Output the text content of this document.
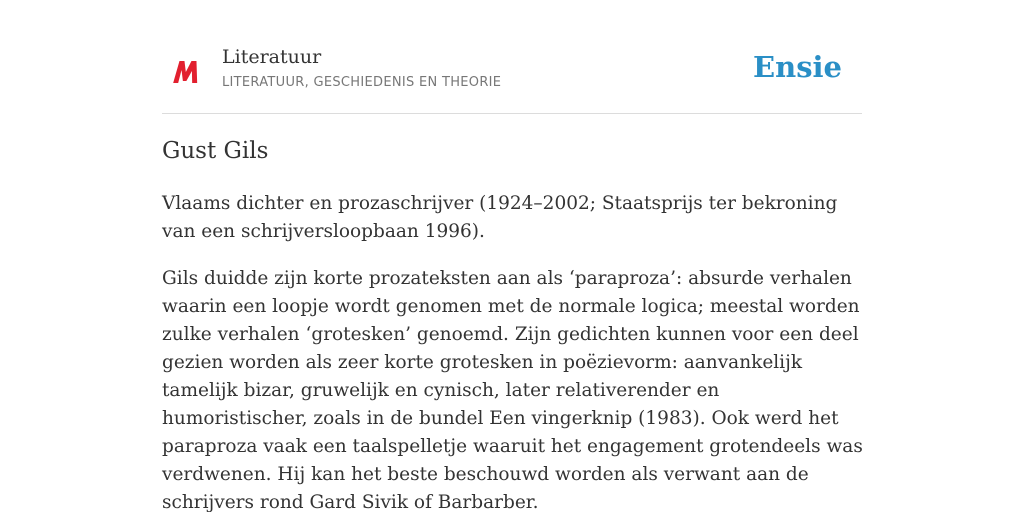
Literatuur
LITERATUUR, GESCHIEDENIS EN THEORIE	Ensie
Gust Gils

Vlaams dichter en prozaschrijver (1924–2002; Staatsprijs ter bekroning van een schrijversloopbaan 1996).

Gils duidde zijn korte prozateksten aan als ‘paraproza’: absurde verhalen waarin een loopje wordt genomen met de normale logica; meestal worden zulke verhalen ‘grotesken’ genoemd. Zijn gedichten kunnen voor een deel gezien worden als zeer korte grotesken in poëzievorm: aanvankelijk tamelijk bizar, gruwelijk en cynisch, later relativerender en humoristischer, zoals in de bundel Een vingerknip (1983). Ook werd het paraproza vaak een taalspelletje waaruit het engagement grotendeels was verdwenen. Hij kan het beste beschouwd worden als verwant aan de schrijvers rond Gard Sivik of Barbarber.
